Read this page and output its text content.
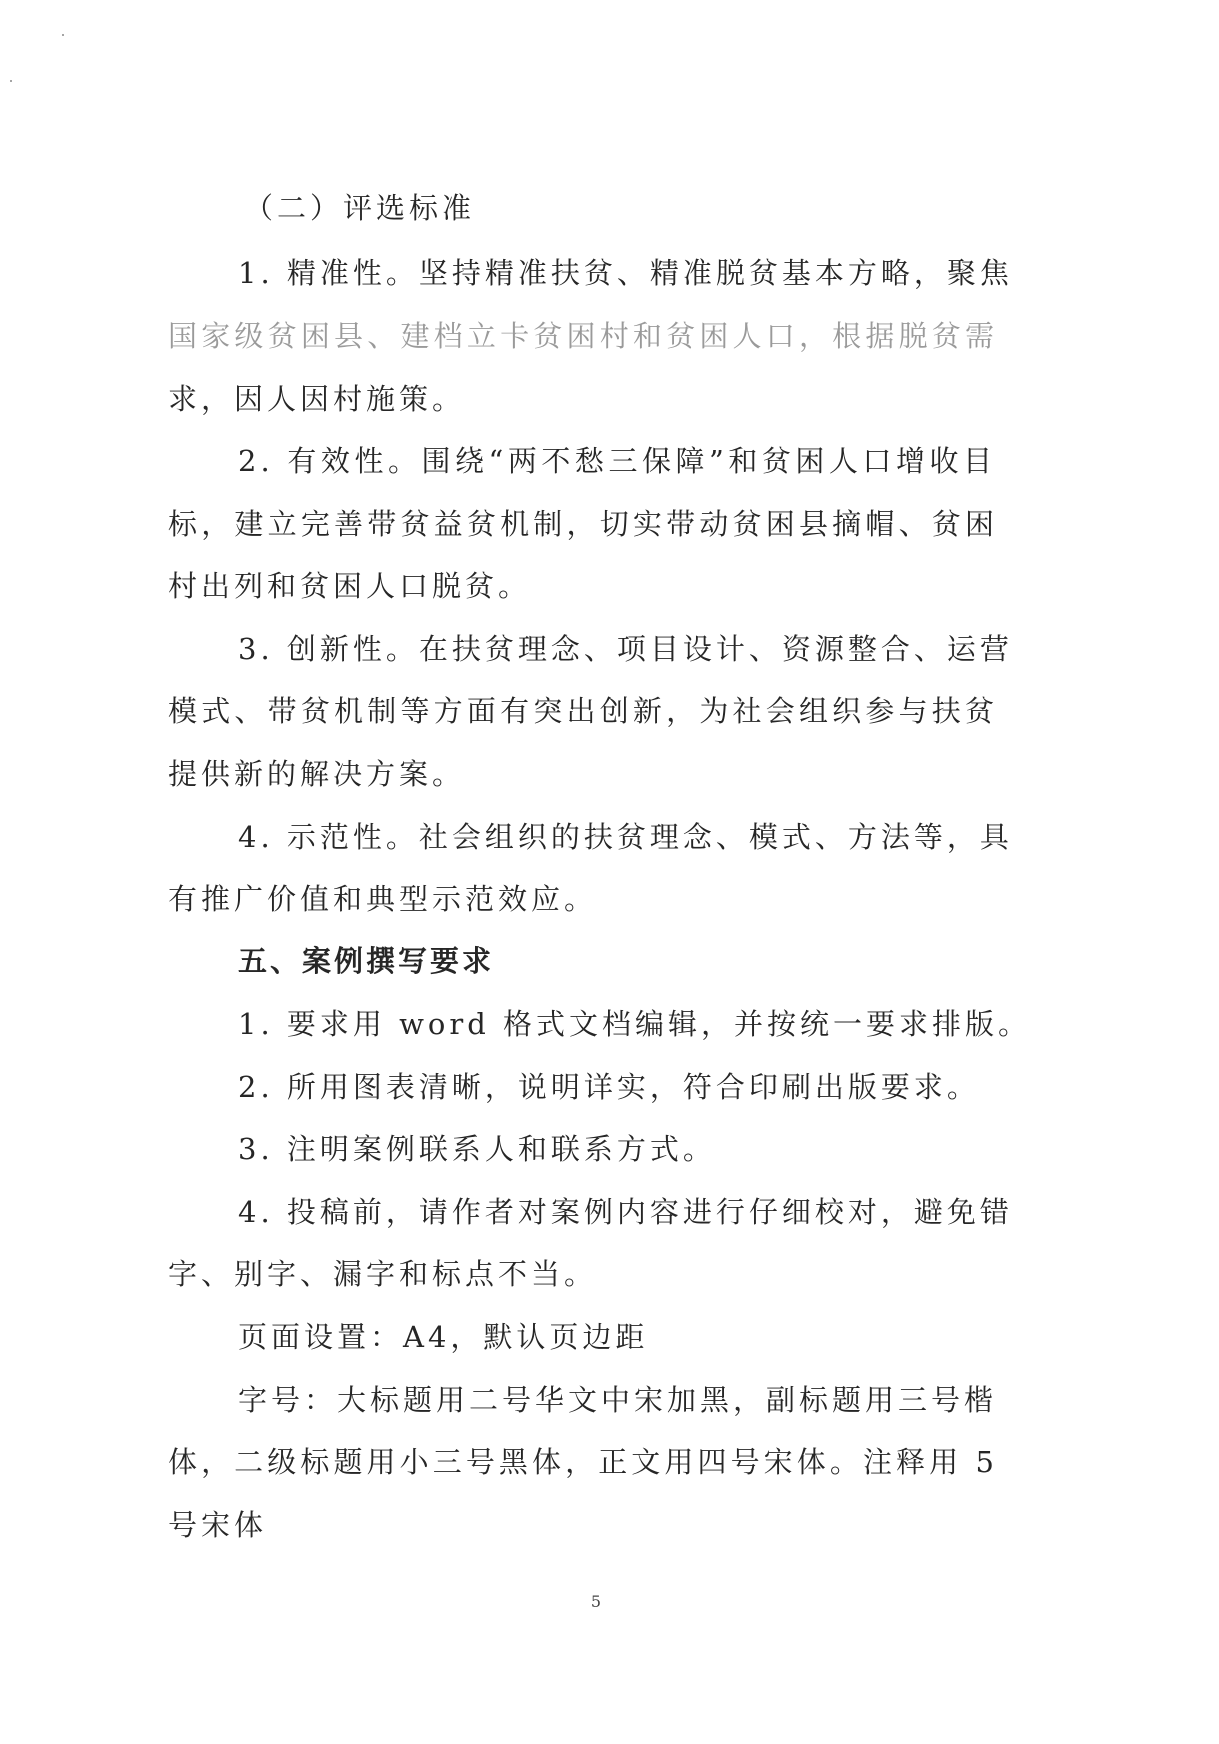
（二）评选标准
1. 精准性。坚持精准扶贫、精准脱贫基本方略，聚焦
国家级贫困县、建档立卡贫困村和贫困人口，根据脱贫需
求，因人因村施策。
2. 有效性。围绕“两不愁三保障”和贫困人口增收目
标，建立完善带贫益贫机制，切实带动贫困县摘帽、贫困
村出列和贫困人口脱贫。
3. 创新性。在扶贫理念、项目设计、资源整合、运营
模式、带贫机制等方面有突出创新，为社会组织参与扶贫
提供新的解决方案。
4. 示范性。社会组织的扶贫理念、模式、方法等，具
有推广价值和典型示范效应。
五、案例撰写要求
1. 要求用 word 格式文档编辑，并按统一要求排版。
2. 所用图表清晰，说明详实，符合印刷出版要求。
3. 注明案例联系人和联系方式。
4. 投稿前，请作者对案例内容进行仔细校对，避免错
字、别字、漏字和标点不当。
页面设置：A4，默认页边距
字号：大标题用二号华文中宋加黑，副标题用三号楷
体，二级标题用小三号黑体，正文用四号宋体。注释用 5
号宋体
5
